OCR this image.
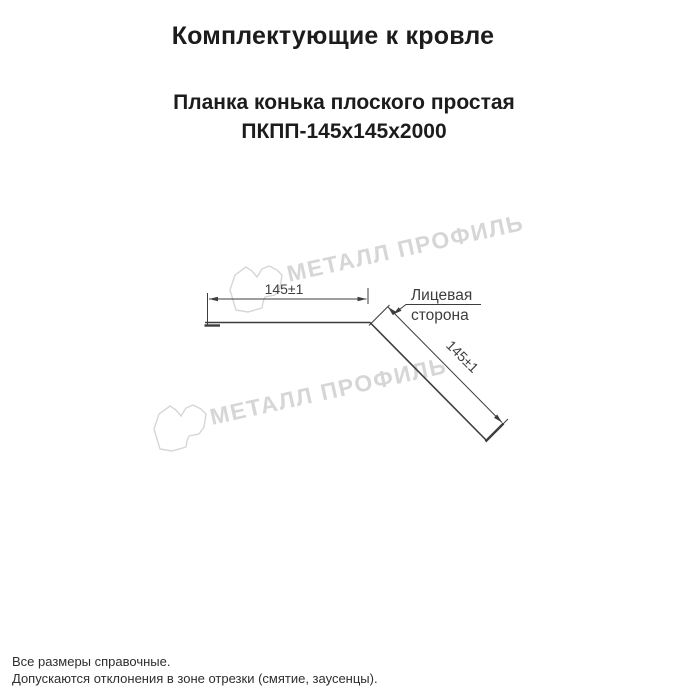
Комплектующие к кровле
Планка конька плоского простая
ПКПП-145х145х2000
МЕТАЛЛ ПРОФИЛЬ
МЕТАЛЛ ПРОФИЛЬ
145±1
145±1
Лицевая
сторона
Все размеры справочные.
Допускаются отклонения в зоне отрезки (смятие, заусенцы).
